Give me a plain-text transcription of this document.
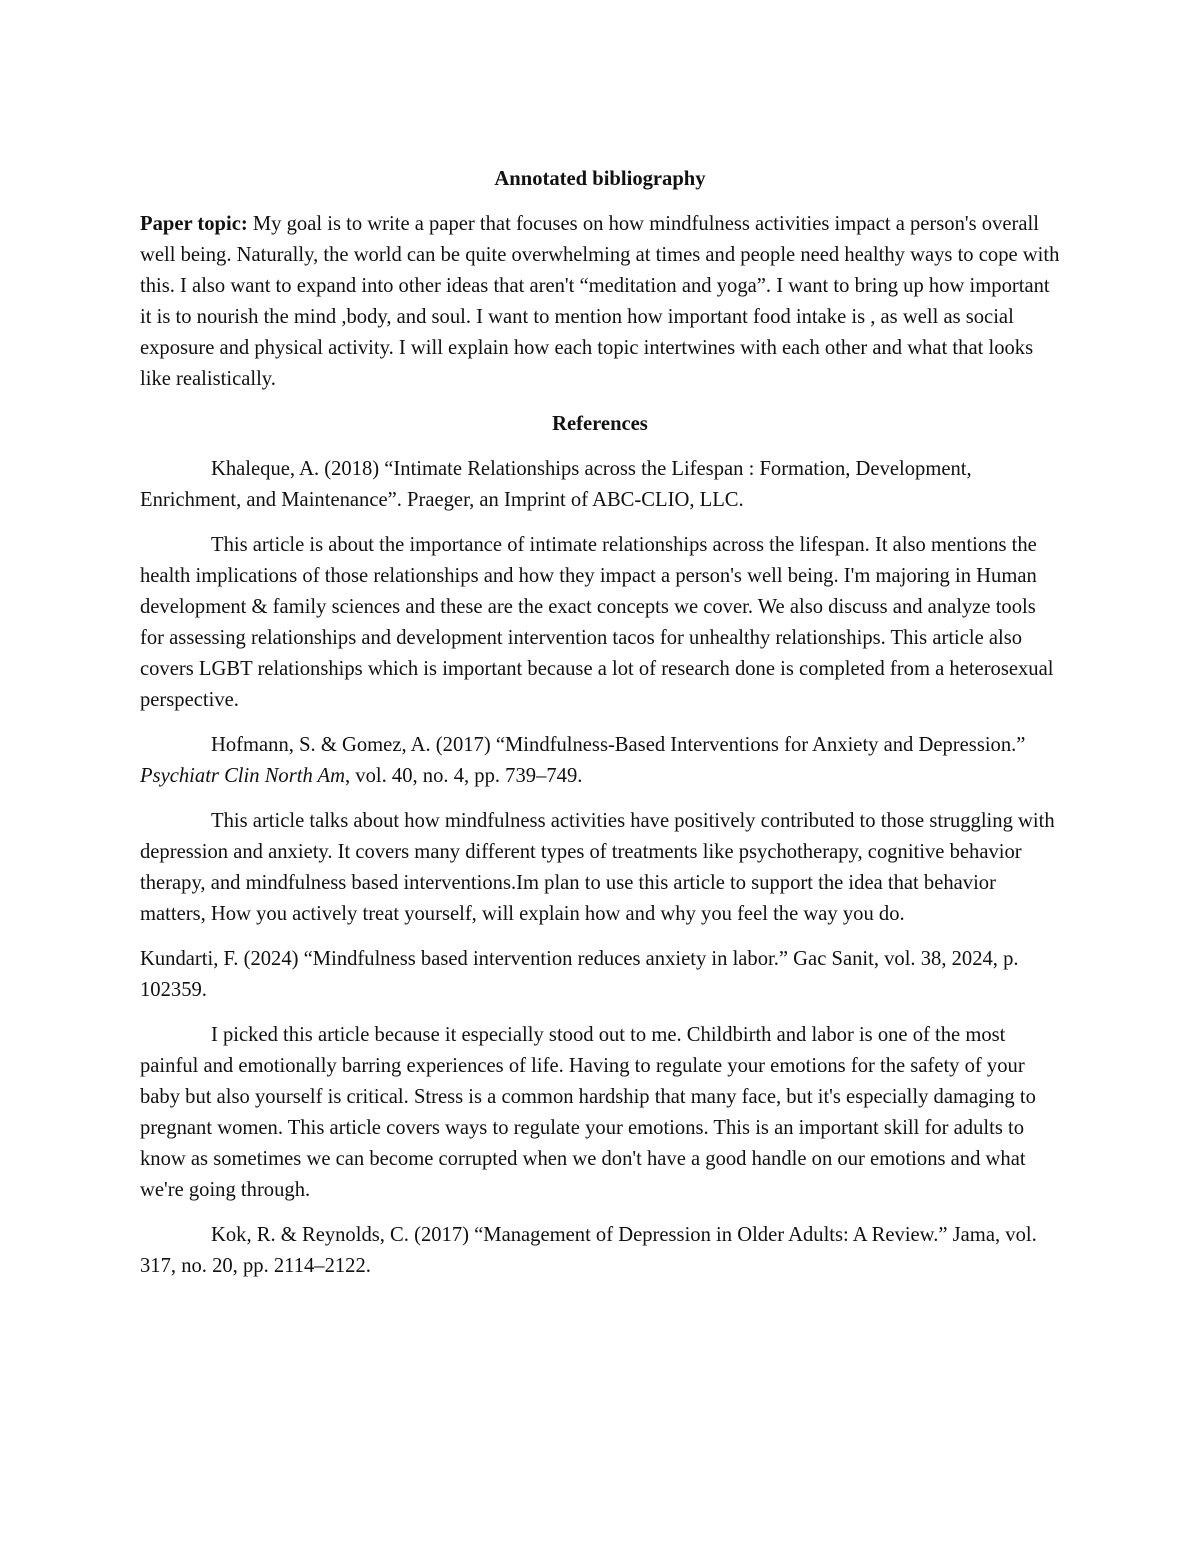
Annotated bibliography

Paper topic: My goal is to write a paper that focuses on how mindfulness activities impact a person's overall well being. Naturally, the world can be quite overwhelming at times and people need healthy ways to cope with this. I also want to expand into other ideas that aren't “meditation and yoga”. I want to bring up how important it is to nourish the mind ,body, and soul. I want to mention how important food intake is , as well as social exposure and physical activity. I will explain how each topic intertwines with each other and what that looks like realistically.

References

Khaleque, A. (2018) “Intimate Relationships across the Lifespan : Formation, Development, Enrichment, and Maintenance”. Praeger, an Imprint of ABC-CLIO, LLC.

This article is about the importance of intimate relationships across the lifespan. It also mentions the health implications of those relationships and how they impact a person's well being. I'm majoring in Human development & family sciences and these are the exact concepts we cover. We also discuss and analyze tools for assessing relationships and development intervention tacos for unhealthy relationships. This article also covers LGBT relationships which is important because a lot of research done is completed from a heterosexual perspective.

Hofmann, S. & Gomez, A. (2017) “Mindfulness-Based Interventions for Anxiety and Depression.” Psychiatr Clin North Am, vol. 40, no. 4, pp. 739–749.

This article talks about how mindfulness activities have positively contributed to those struggling with depression and anxiety. It covers many different types of treatments like psychotherapy, cognitive behavior therapy, and mindfulness based interventions.Im plan to use this article to support the idea that behavior matters, How you actively treat yourself, will explain how and why you feel the way you do.

Kundarti, F. (2024) “Mindfulness based intervention reduces anxiety in labor.” Gac Sanit, vol. 38, 2024, p. 102359.

I picked this article because it especially stood out to me. Childbirth and labor is one of the most painful and emotionally barring experiences of life. Having to regulate your emotions for the safety of your baby but also yourself is critical. Stress is a common hardship that many face, but it's especially damaging to pregnant women. This article covers ways to regulate your emotions. This is an important skill for adults to know as sometimes we can become corrupted when we don't have a good handle on our emotions and what we're going through.

Kok, R. & Reynolds, C. (2017) “Management of Depression in Older Adults: A Review.” Jama, vol. 317, no. 20, pp. 2114–2122.
